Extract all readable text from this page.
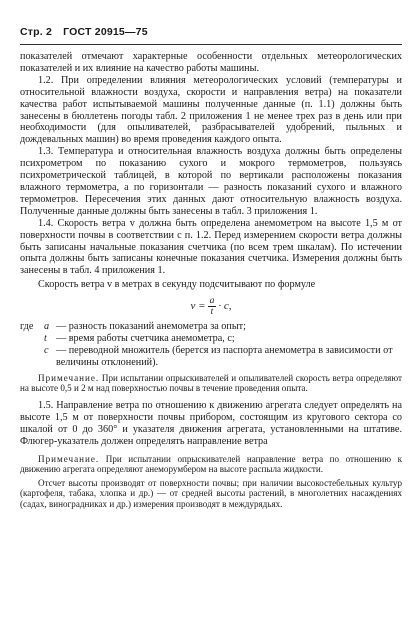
Стр. 2 ГОСТ 20915—75

показателей отмечают характерные особенности отдельных метеорологических показателей и их влияние на качество работы машины.

1.2. При определении влияния метеорологических условий (температуры и относительной влажности воздуха, скорости и направления ветра) на показатели качества работ испытываемой машины полученные данные (п. 1.1) должны быть занесены в бюллетень погоды табл. 2 приложения 1 не менее трех раз в день или при необходимости (для опыливателей, разбрасывателей удобрений, пыльных и дождевальных машин) во время проведения каждого опыта.

1.3. Температура и относительная влажность воздуха должны быть определены психрометром по показанию сухого и мокрого термометров, пользуясь психрометрической таблицей, в которой по вертикали расположены показания влажного термометра, а по горизонтали — разность показаний сухого и влажного термометров. Пересечения этих данных дают относительную влажность воздуха. Полученные данные должны быть занесены в табл. 3 приложения 1.

1.4. Скорость ветра v должна быть определена анемометром на высоте 1,5 м от поверхности почвы в соответствии с п. 1.2. Перед измерением скорости ветра должны быть записаны начальные показания счетчика (по всем трем шкалам). По истечении опыта должны быть записаны конечные показания счетчика. Измерения должны быть занесены в табл. 4 приложения 1.

Скорость ветра v в метрах в секунду подсчитывают по формуле

$v = \frac{a}{t} \cdot c$,
где	a — разность показаний анемометра за опыт;
t — время работы счетчика анемометра, с;
c — переводной множитель (берется из паспорта анемометра в зависимости от величины отклонений).
Примечание. При испытании опрыскивателей и опыливателей скорость ветра определяют на высоте 0,5 и 2 м над поверхностью почвы в течение проведения опыта.

1.5. Направление ветра по отношению к движению агрегата следует определять на высоте 1,5 м от поверхности почвы прибором, состоящим из кругового сектора со шкалой от 0 до 360° и указателя движения агрегата, установленными на штативе. Флюгер-указатель должен определять направление ветра

Примечание. При испытании опрыскивателей направление ветра по отношению к движению агрегата определяют анеморумбером на высоте распыла жидкости.
Отсчет высоты производят от поверхности почвы; при наличии высокостебельных культур (картофеля, табака, хлопка и др.) — от средней высоты растений, в многолетних насаждениях (садах, виноградниках и др.) измерения производят в междурядьях.
